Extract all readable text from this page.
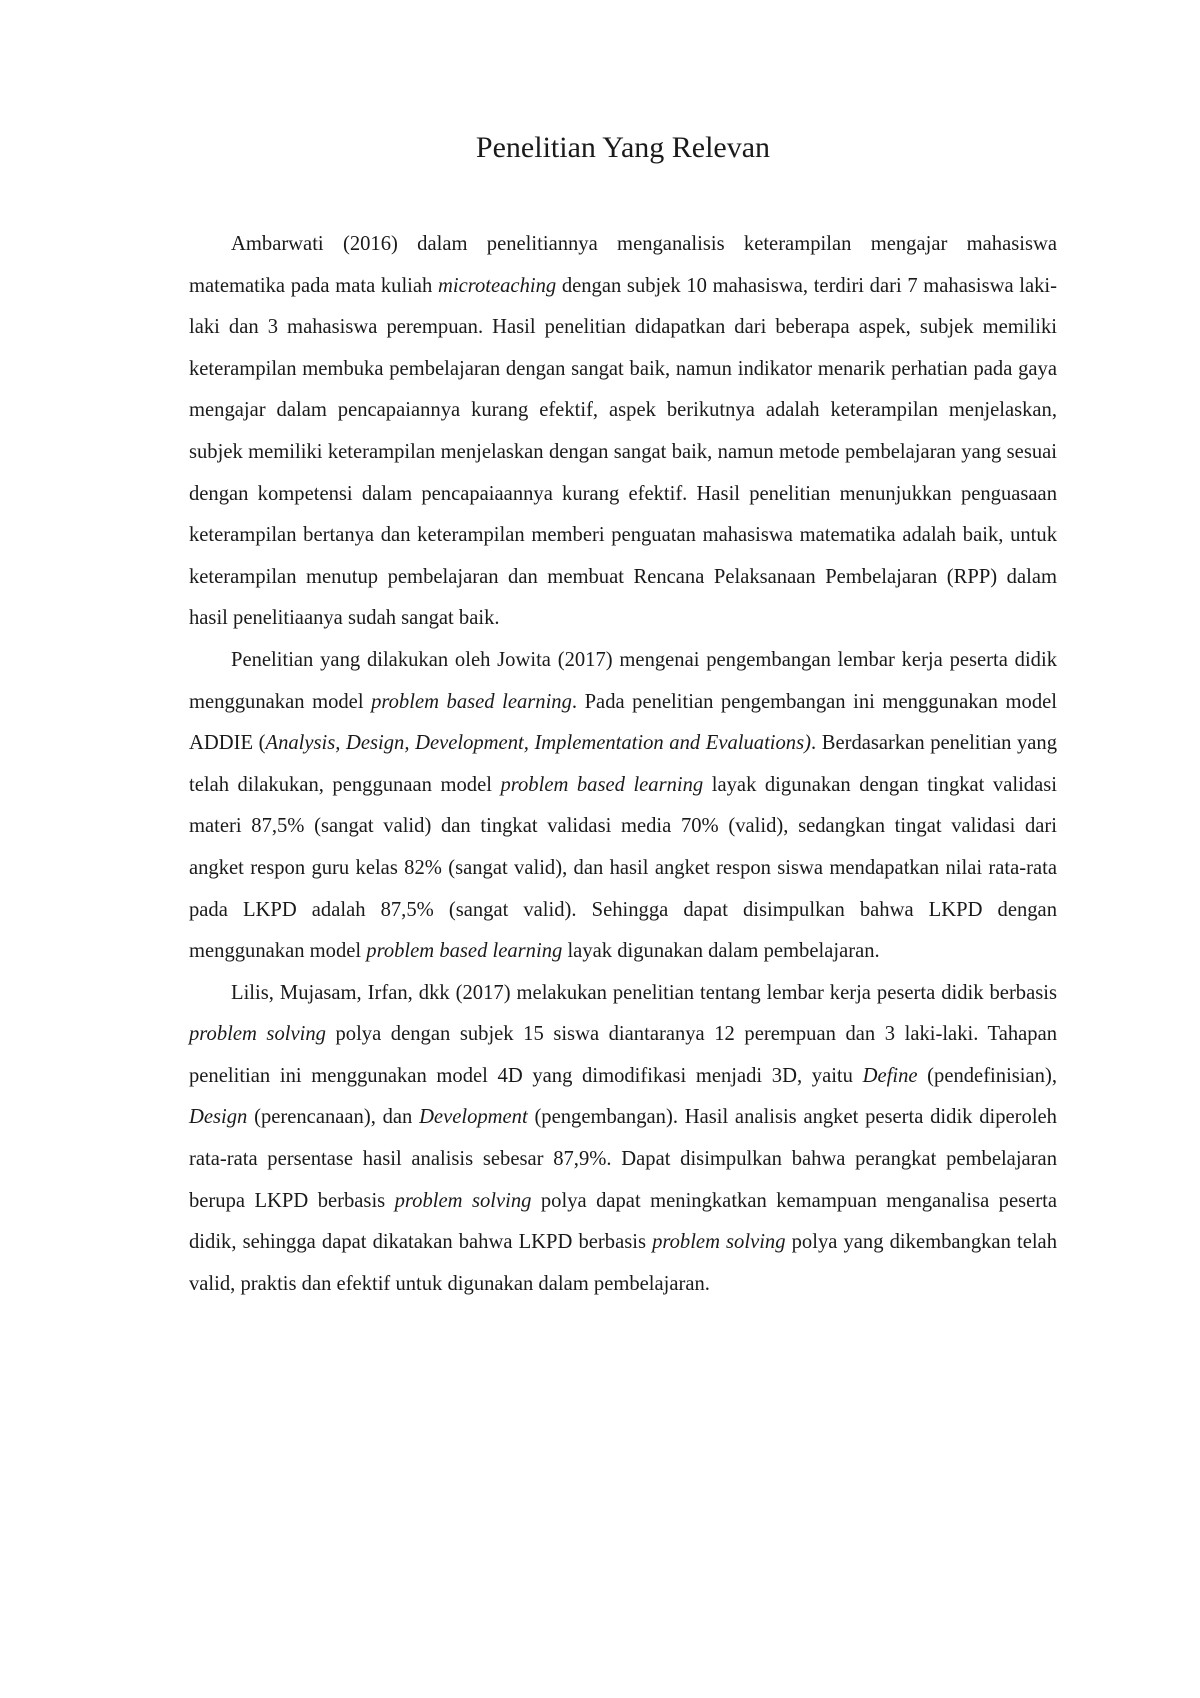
Penelitian Yang Relevan

Ambarwati (2016) dalam penelitiannya menganalisis keterampilan mengajar mahasiswa matematika pada mata kuliah microteaching dengan subjek 10 mahasiswa, terdiri dari 7 mahasiswa laki-laki dan 3 mahasiswa perempuan. Hasil penelitian didapatkan dari beberapa aspek, subjek memiliki keterampilan membuka pembelajaran dengan sangat baik, namun indikator menarik perhatian pada gaya mengajar dalam pencapaiannya kurang efektif, aspek berikutnya adalah keterampilan menjelaskan, subjek memiliki keterampilan menjelaskan dengan sangat baik, namun metode pembelajaran yang sesuai dengan kompetensi dalam pencapaiaannya kurang efektif. Hasil penelitian menunjukkan penguasaan keterampilan bertanya dan keterampilan memberi penguatan mahasiswa matematika adalah baik, untuk keterampilan menutup pembelajaran dan membuat Rencana Pelaksanaan Pembelajaran (RPP) dalam hasil penelitiaanya sudah sangat baik.

Penelitian yang dilakukan oleh Jowita (2017) mengenai pengembangan lembar kerja peserta didik menggunakan model problem based learning. Pada penelitian pengembangan ini menggunakan model ADDIE (Analysis, Design, Development, Implementation and Evaluations). Berdasarkan penelitian yang telah dilakukan, penggunaan model problem based learning layak digunakan dengan tingkat validasi materi 87,5% (sangat valid) dan tingkat validasi media 70% (valid), sedangkan tingat validasi dari angket respon guru kelas 82% (sangat valid), dan hasil angket respon siswa mendapatkan nilai rata-rata pada LKPD adalah 87,5% (sangat valid). Sehingga dapat disimpulkan bahwa LKPD dengan menggunakan model problem based learning layak digunakan dalam pembelajaran.

Lilis, Mujasam, Irfan, dkk (2017) melakukan penelitian tentang lembar kerja peserta didik berbasis problem solving polya dengan subjek 15 siswa diantaranya 12 perempuan dan 3 laki-laki. Tahapan penelitian ini menggunakan model 4D yang dimodifikasi menjadi 3D, yaitu Define (pendefinisian), Design (perencanaan), dan Development (pengembangan). Hasil analisis angket peserta didik diperoleh rata-rata persentase hasil analisis sebesar 87,9%. Dapat disimpulkan bahwa perangkat pembelajaran berupa LKPD berbasis problem solving polya dapat meningkatkan kemampuan menganalisa peserta didik, sehingga dapat dikatakan bahwa LKPD berbasis problem solving polya yang dikembangkan telah valid, praktis dan efektif untuk digunakan dalam pembelajaran.
